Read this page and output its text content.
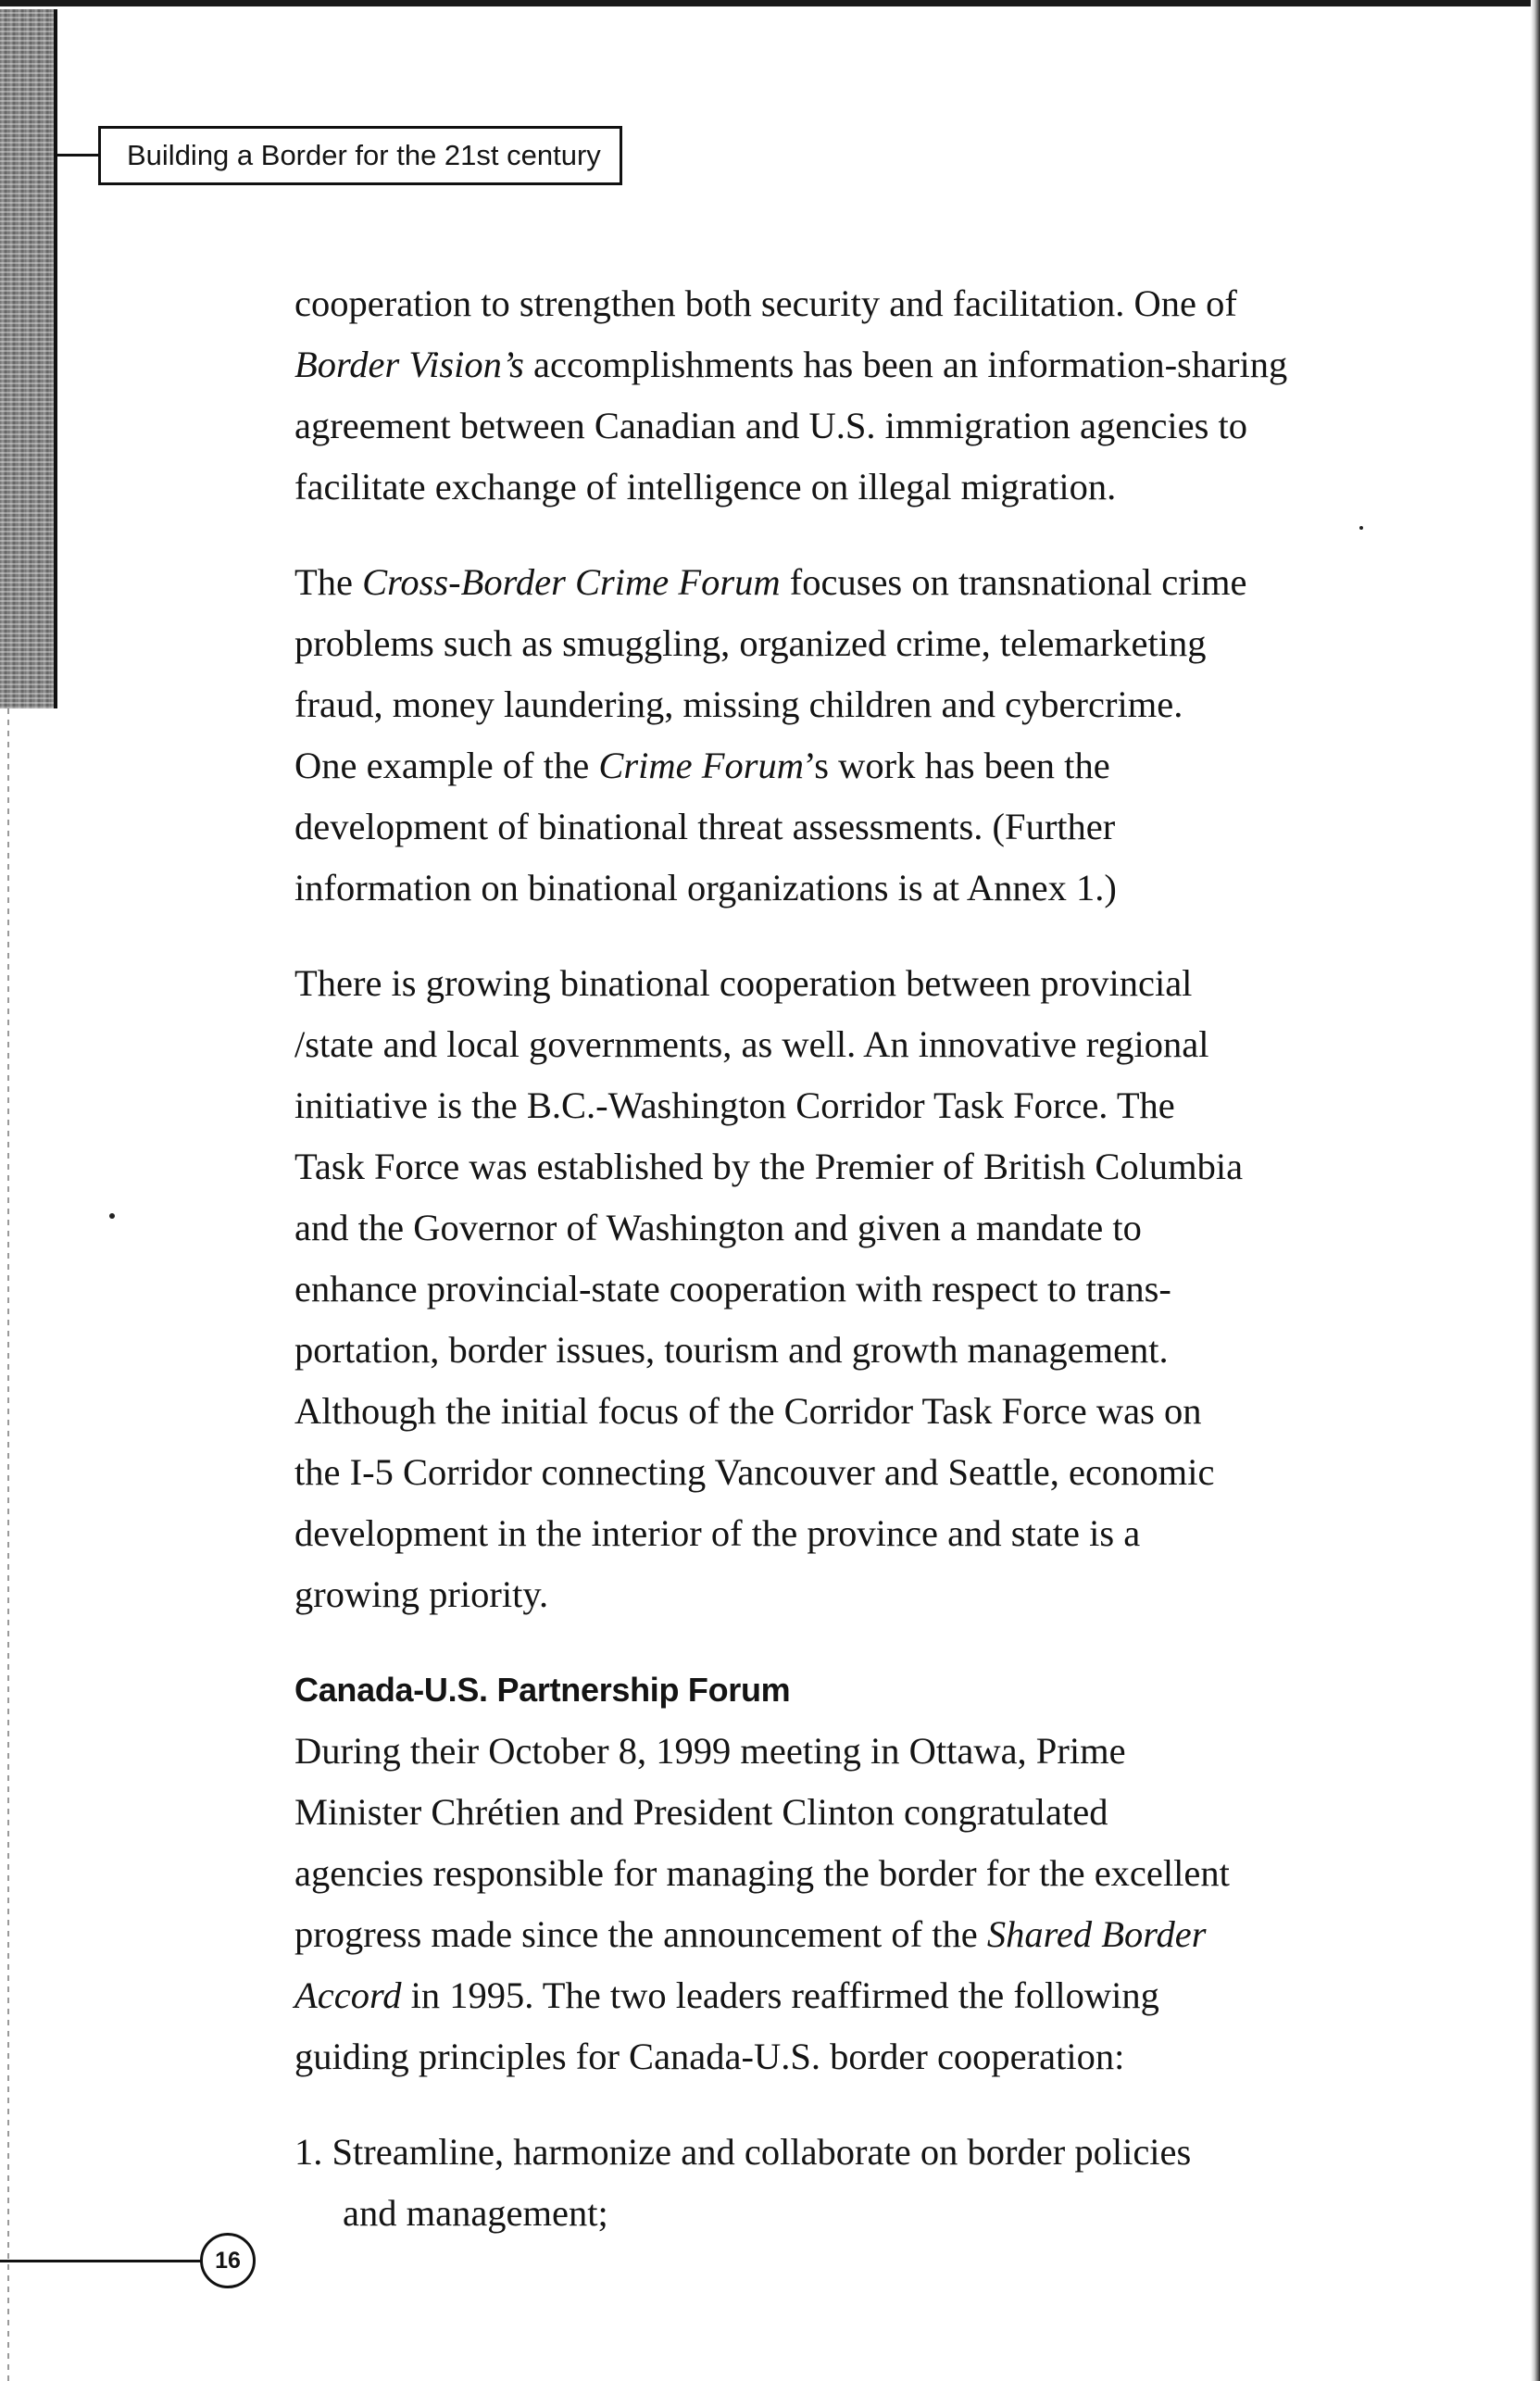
Building a Border for the 21st century
cooperation to strengthen both security and facilitation. One of
Border Vision’s accomplishments has been an information-sharing
agreement between Canadian and U.S. immigration agencies to
facilitate exchange of intelligence on illegal migration.
The Cross-Border Crime Forum focuses on transnational crime
problems such as smuggling, organized crime, telemarketing
fraud, money laundering, missing children and cybercrime.
One example of the Crime Forum’s work has been the
development of binational threat assessments. (Further
information on binational organizations is at Annex 1.)
There is growing binational cooperation between provincial
/state and local governments, as well. An innovative regional
initiative is the B.C.-Washington Corridor Task Force. The
Task Force was established by the Premier of British Columbia
and the Governor of Washington and given a mandate to
enhance provincial-state cooperation with respect to trans-
portation, border issues, tourism and growth management.
Although the initial focus of the Corridor Task Force was on
the I-5 Corridor connecting Vancouver and Seattle, economic
development in the interior of the province and state is a
growing priority.
Canada-U.S. Partnership Forum
During their October 8, 1999 meeting in Ottawa, Prime
Minister Chrétien and President Clinton congratulated
agencies responsible for managing the border for the excellent
progress made since the announcement of the Shared Border
Accord in 1995. The two leaders reaffirmed the following
guiding principles for Canada-U.S. border cooperation:
1. Streamline, harmonize and collaborate on border policies
and management;
16
